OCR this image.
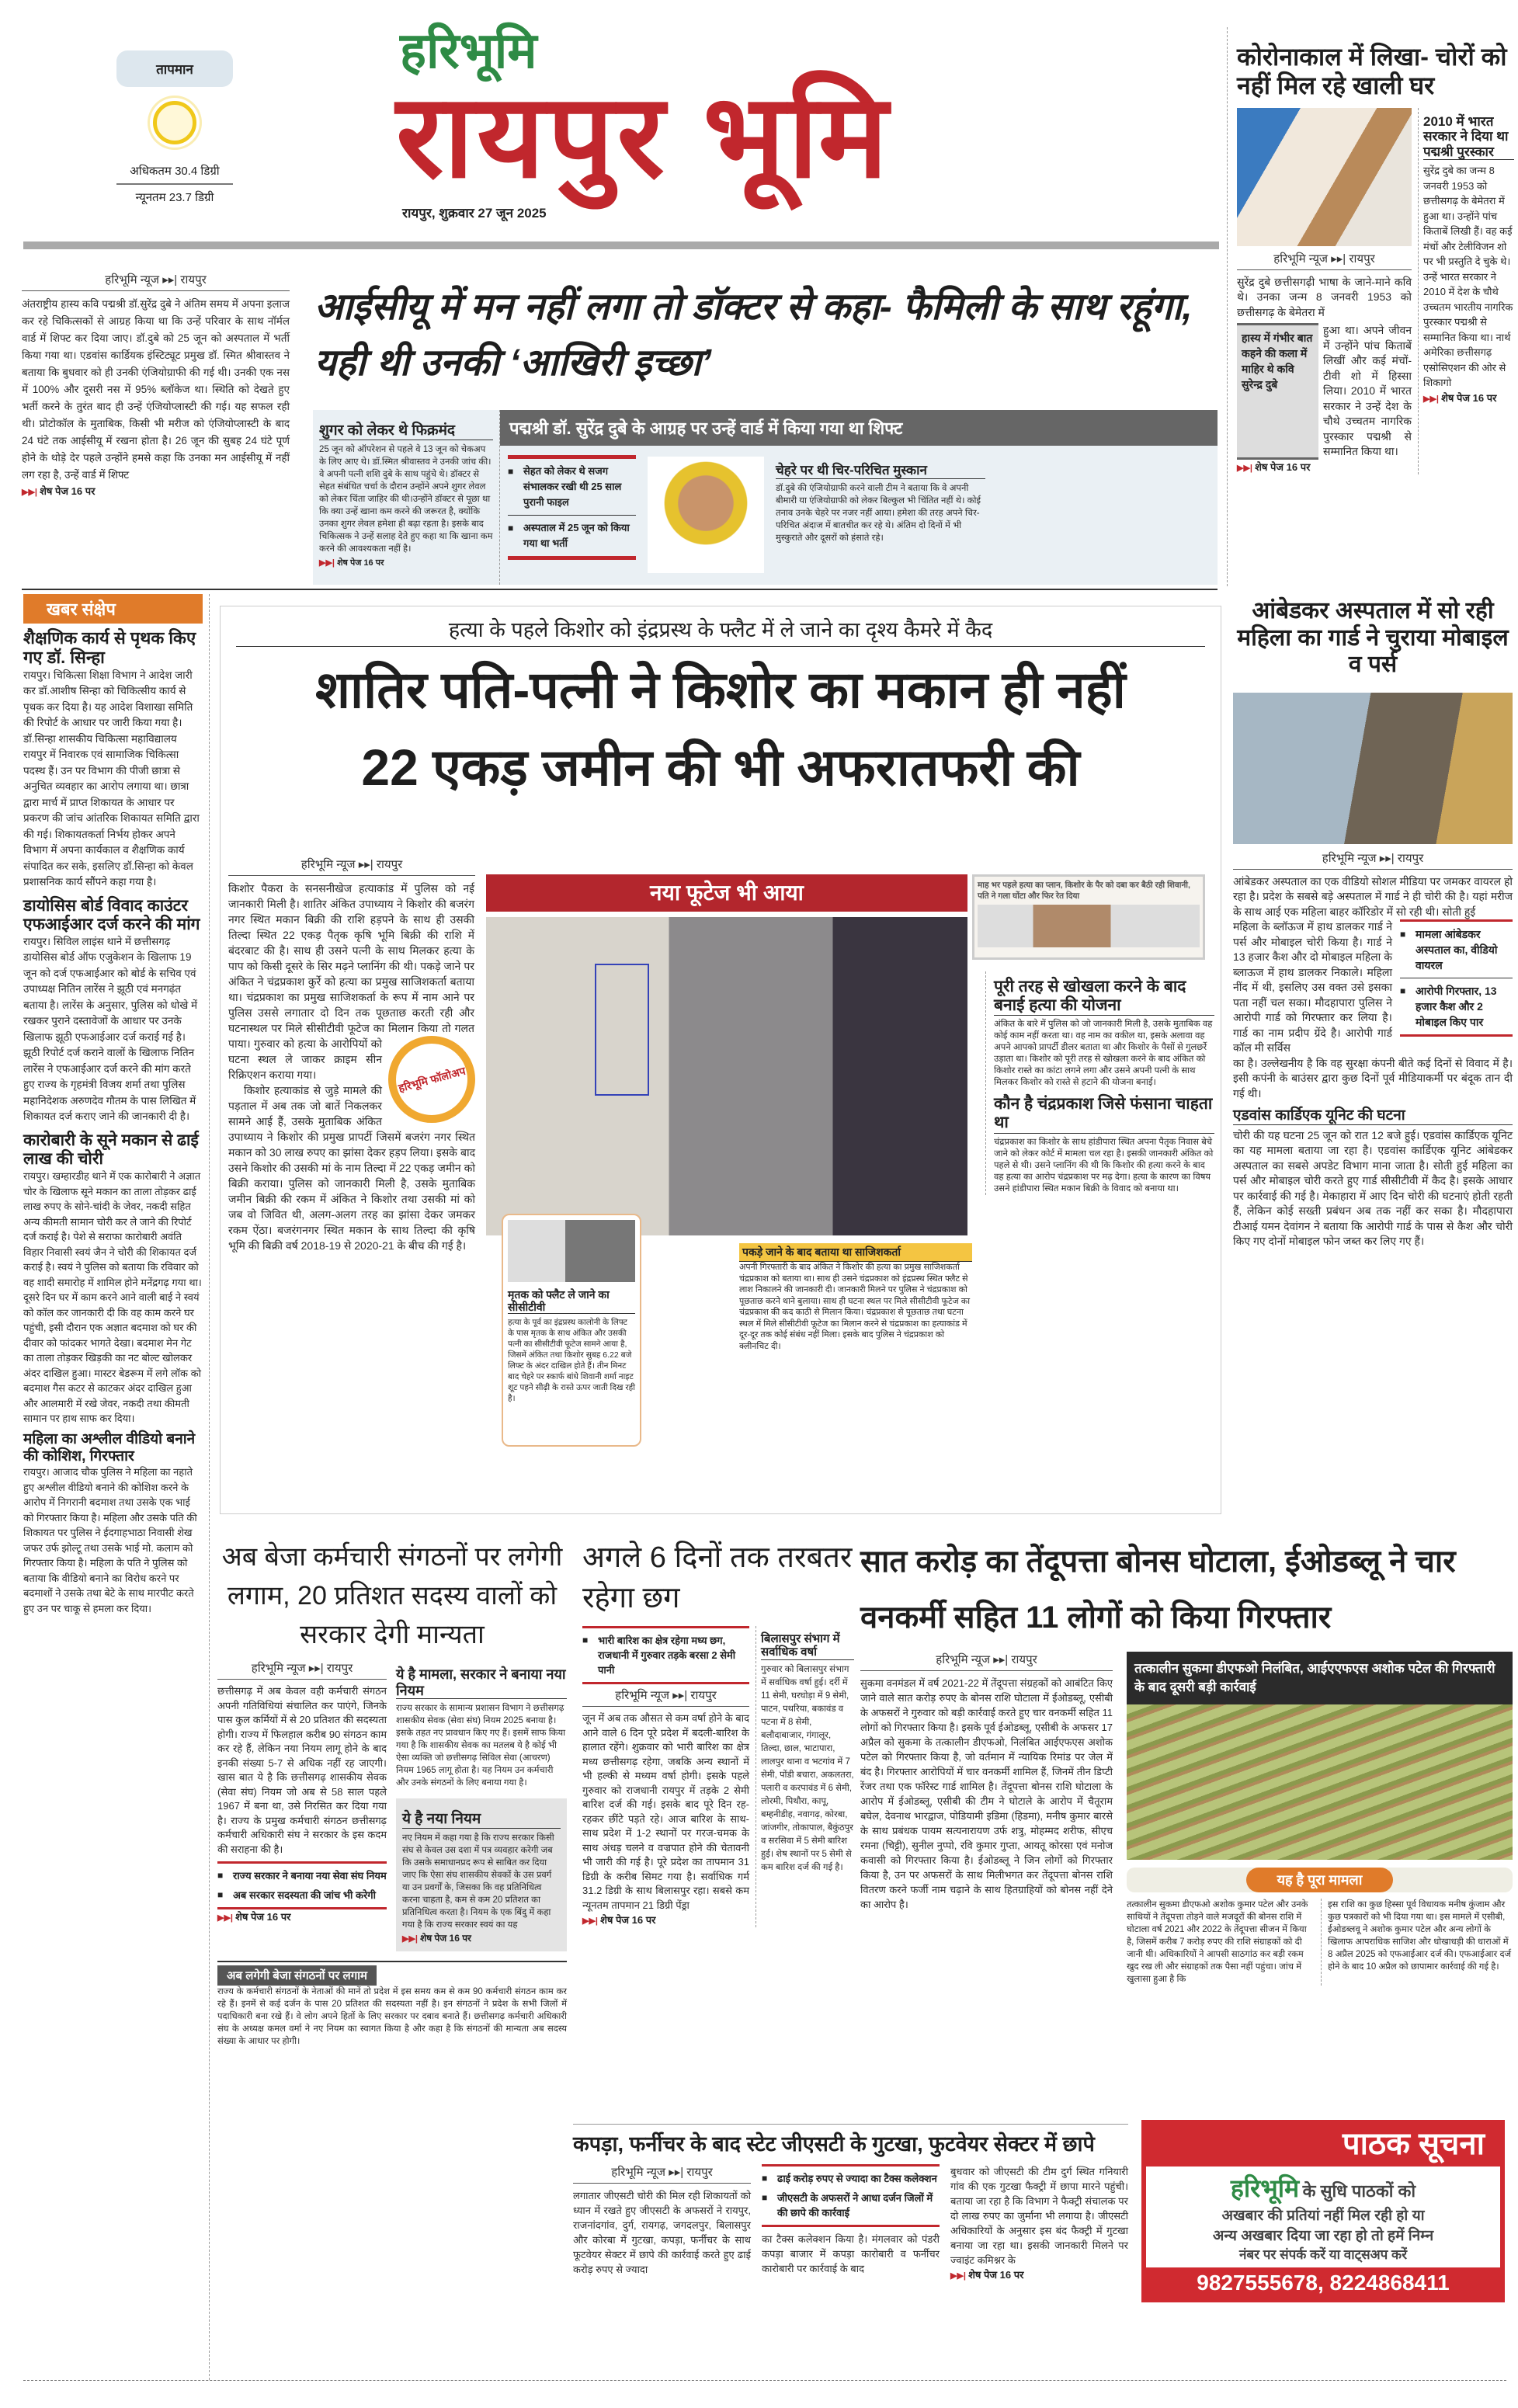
तापमान
अधिकतम 30.4 डिग्री
न्यूनतम 23.7 डिग्री
हरिभूमि
रायपुर भूमि
रायपुर, शुक्रवार 27 जून 2025
कोरोनाकाल में लिखा- चोरों को नहीं मिल रहे खाली घर
हरिभूमि न्यूज ▸▸| रायपुर
सुरेंद्र दुबे छत्तीसगढ़ी भाषा के जाने-माने कवि थे। उनका जन्म 8 जनवरी 1953 को छत्तीसगढ़ के बेमेतरा में
हास्य में गंभीर बात कहने की कला में माहिर थे कवि सुरेन्द्र दुबे
हुआ था। अपने जीवन में उन्होंने पांच किताबें लिखीं और कई मंचों-टीवी शो में हिस्सा लिया। 2010 में भारत सरकार ने उन्हें देश के चौथे उच्चतम नागरिक पुरस्कार पद्मश्री से सम्मानित किया था।
▶▶| शेष पेज 16 पर
2010 में भारत सरकार ने दिया था पद्मश्री पुरस्कार
सुरेंद्र दुबे का जन्म 8 जनवरी 1953 को छत्तीसगढ़ के बेमेतरा में हुआ था। उन्होंने पांच किताबें लिखी हैं। वह कई मंचों और टेलीविजन शो पर भी प्रस्तुति दे चुके थे। उन्हें भारत सरकार ने 2010 में देश के चौथे उच्चतम भारतीय नागरिक पुरस्कार पद्मश्री से सम्मानित किया था। नार्थ अमेरिका छत्तीसगढ़ एसोसिएशन की ओर से शिकागो
▶▶| शेष पेज 16 पर
हरिभूमि न्यूज ▸▸| रायपुर
अंतराष्ट्रीय हास्य कवि पद्मश्री डॉ.सुरेंद्र दुबे ने अंतिम समय में अपना इलाज कर रहे चिकित्सकों से आग्रह किया था कि उन्हें परिवार के साथ नॉर्मल वार्ड में शिफ्ट कर दिया जाए। डॉ.दुबे को 25 जून को अस्पताल में भर्ती किया गया था। एडवांस कार्डियक इंस्टिट्यूट प्रमुख डॉ. स्मित श्रीवास्तव ने बताया कि बुधवार को ही उनकी एंजियोग्राफी की गई थी। उनकी एक नस में 100% और दूसरी नस में 95% ब्लॉकेज था। स्थिति को देखते हुए भर्ती करने के तुरंत बाद ही उन्हें एंजियोप्लास्टी की गई। यह सफल रही थी। प्रोटोकॉल के मुताबिक, किसी भी मरीज को एंजियोप्लास्टी के बाद 24 घंटे तक आईसीयू में रखना होता है। 26 जून की सुबह 24 घंटे पूर्ण होने के थोड़े देर पहले उन्होंने हमसे कहा कि उनका मन आईसीयू में नहीं लग रहा है, उन्हें वार्ड में शिफ्ट
▶▶| शेष पेज 16 पर
आईसीयू में मन नहीं लगा तो डॉक्टर से कहा- फैमिली के साथ रहूंगा, यही थी उनकी ‘आखिरी इच्छा’
शुगर को लेकर थे फिक्रमंद
25 जून को ऑपरेशन से पहले वे 13 जून को चेकअप के लिए आए थे। डॉ.स्मित श्रीवास्तव ने उनकी जांच की। वे अपनी पत्नी शशि दुबे के साथ पहुंचे थे। डॉक्टर से सेहत संबंधित चर्चा के दौरान उन्होंने अपने शुगर लेवल को लेकर चिंता जाहिर की थी।उन्होंने डॉक्टर से पूछा था कि क्या उन्हें खाना कम करने की जरूरत है, क्योंकि उनका शुगर लेवल हमेशा ही बढ़ा रहता है। इसके बाद चिकित्सक ने उन्हें सलाह देते हुए कहा था कि खाना कम करने की आवश्यकता नहीं है।
▶▶| शेष पेज 16 पर
पद्मश्री डॉ. सुरेंद्र दुबे के आग्रह पर उन्हें वार्ड में किया गया था शिफ्ट
■ सेहत को लेकर थे सजग संभालकर रखी थी 25 साल पुरानी फाइल
■ अस्पताल में 25 जून को किया गया था भर्ती
चेहरे पर थी चिर-परिचित मुस्कान
डॉ.दुबे की एंजियोग्राफी करने वाली टीम ने बताया कि वे अपनी बीमारी या एंजियोग्राफी को लेकर बिल्कुल भी चिंतित नहीं थे। कोई तनाव उनके चेहरे पर नजर नहीं आया। हमेशा की तरह अपने चिर-परिचित अंदाज में बातचीत कर रहे थे। अंतिम दो दिनों में भी मुस्कुराते और दूसरों को हंसाते रहे।
खबर संक्षेप
शैक्षणिक कार्य से पृथक किए गए डॉ. सिन्हा
रायपुर। चिकित्सा शिक्षा विभाग ने आदेश जारी कर डॉ.आशीष सिन्हा को चिकित्सीय कार्य से पृथक कर दिया है। यह आदेश विशाखा समिति की रिपोर्ट के आधार पर जारी किया गया है। डॉ.सिन्हा शासकीय चिकित्सा महाविद्यालय रायपुर में निवारक एवं सामाजिक चिकित्सा पदस्थ हैं। उन पर विभाग की पीजी छात्रा से अनुचित व्यवहार का आरोप लगाया था। छात्रा द्वारा मार्च में प्राप्त शिकायत के आधार पर प्रकरण की जांच आंतरिक शिकायत समिति द्वारा की गई। शिकायतकर्ता निर्भय होकर अपने विभाग में अपना कार्यकाल व शैक्षणिक कार्य संपादित कर सके, इसलिए डॉ.सिन्हा को केवल प्रशासनिक कार्य सौंपने कहा गया है।
डायोसिस बोर्ड विवाद काउंटर एफआईआर दर्ज करने की मांग
रायपुर। सिविल लाइंस थाने में छत्तीसगढ़ डायोसिस बोर्ड ऑफ एजुकेशन के खिलाफ 19 जून को दर्ज एफआईआर को बोर्ड के सचिव एवं उपाध्यक्ष नितिन लारेंस ने झूठी एवं मनगढ़ंत बताया है। लारेंस के अनुसार, पुलिस को धोखे में रखकर पुराने दस्तावेजों के आधार पर उनके खिलाफ झूठी एफआईआर दर्ज कराई गई है। झूठी रिपोर्ट दर्ज कराने वालों के खिलाफ नितिन लारेंस ने एफआईआर दर्ज करने की मांग करते हुए राज्य के गृहमंत्री विजय शर्मा तथा पुलिस महानिदेशक अरुणदेव गौतम के पास लिखित में शिकायत दर्ज कराए जाने की जानकारी दी है।
कारोबारी के सूने मकान से ढाई लाख की चोरी
रायपुर। खम्हारडीह थाने में एक कारोबारी ने अज्ञात चोर के खिलाफ सूने मकान का ताला तोड़कर ढाई लाख रुपए के सोने-चांदी के जेवर, नकदी सहित अन्य कीमती सामान चोरी कर ले जाने की रिपोर्ट दर्ज कराई है। पेशे से सराफा कारोबारी अवंति विहार निवासी स्वयं जैन ने चोरी की शिकायत दर्ज कराई है। स्वयं ने पुलिस को बताया कि रविवार को वह शादी समारोह में शामिल होने मनेंद्रगढ़ गया था। दूसरे दिन घर में काम करने आने वाली बाई ने स्वयं को कॉल कर जानकारी दी कि वह काम करने घर पहुंची, इसी दौरान एक अज्ञात बदमाश को घर की दीवार को फांदकर भागते देखा। बदमाश मेन गेट का ताला तोड़कर खिड़की का नट बोल्ट खोलकर अंदर दाखिल हुआ। मास्टर बेडरूम में लगे लॉक को बदमाश गैस कटर से काटकर अंदर दाखिल हुआ और आलमारी में रखे जेवर, नकदी तथा कीमती सामान पर हाथ साफ कर दिया।
महिला का अश्लील वीडियो बनाने की कोशिश, गिरफ्तार
रायपुर। आजाद चौक पुलिस ने महिला का नहाते हुए अश्लील वीडियो बनाने की कोशिश करने के आरोप में निगरानी बदमाश तथा उसके एक भाई को गिरफ्तार किया है। महिला और उसके पति की शिकायत पर पुलिस ने ईदगाहभाठा निवासी शेख जफर उर्फ झोल्टू तथा उसके भाई मो. कलाम को गिरफ्तार किया है। महिला के पति ने पुलिस को बताया कि वीडियो बनाने का विरोध करने पर बदमाशों ने उसके तथा बेटे के साथ मारपीट करते हुए उन पर चाकू से हमला कर दिया।
हत्या के पहले किशोर को इंद्रप्रस्थ के फ्लैट में ले जाने का दृश्य कैमरे में कैद
शातिर पति-पत्नी ने किशोर का मकान ही नहीं
22 एकड़ जमीन की भी अफरातफरी की
हरिभूमि न्यूज ▸▸| रायपुर
हरिभूमि फॉलोअप
किशोर पैकरा के सनसनीखेज हत्याकांड में पुलिस को नई जानकारी मिली है। शातिर अंकित उपाध्याय ने किशोर की बजरंग नगर स्थित मकान बिक्री की राशि हड़पने के साथ ही उसकी तिल्दा स्थित 22 एकड़ पैतृक कृषि भूमि बिक्री की राशि में बंदरबाट की है। साथ ही उसने पत्नी के साथ मिलकर हत्या के पाप को किसी दूसरे के सिर मढ़ने प्लानिंग की थी। पकड़े जाने पर अंकित ने चंद्रप्रकाश कुर्रे को हत्या का प्रमुख साजिशकर्ता बताया था। चंद्रप्रकाश का प्रमुख साजिशकर्ता के रूप में नाम आने पर पुलिस उससे लगातार दो दिन तक पूछताछ करती रही और घटनास्थल पर मिले सीसीटीवी फूटेज का मिलान किया तो गलत पाया। गुरुवार को हत्या के आरोपियों को घटना स्थल ले जाकर क्राइम सीन रिक्रिएशन कराया गया।
किशोर हत्याकांड से जुड़े मामले की पड़ताल में अब तक जो बातें निकलकर सामने आई हैं, उसके मुताबिक अंकित उपाध्याय ने किशोर की प्रमुख प्रापर्टी जिसमें बजरंग नगर स्थित मकान को 30 लाख रुपए का झांसा देकर हड़प लिया। इसके बाद उसने किशोर की उसकी मां के नाम तिल्दा में 22 एकड़ जमीन को बिक्री कराया। पुलिस को जानकारी मिली है, उसके मुताबिक जमीन बिक्री की रकम में अंकित ने किशोर तथा उसकी मां को जब वो जिवित थी, अलग-अलग तरह का झांसा देकर जमकर रकम ऐंठा। बजरंगनगर स्थित मकान के साथ तिल्दा की कृषि भूमि की बिक्री वर्ष 2018-19 से 2020-21 के बीच की गई है।
नया फूटेज भी आया
मृतक को फ्लैट ले जाने का सीसीटीवी
हत्या के पूर्व का इंद्रप्रस्थ कालोनी के लिफ्ट के पास मृतक के साथ अंकित और उसकी पत्नी का सीसीटीवी फूटेज सामने आया है, जिसमें अंकित तथा किशोर सुबह 6.22 बजे लिफ्ट के अंदर दाखिल होते हैं। तीन मिनट बाद चेहरे पर स्कार्फ बांधे शिवानी शर्मा नाइट शूट पहने सीढ़ी के रास्ते ऊपर जाती दिख रही है।
पकड़े जाने के बाद बताया था साजिशकर्ता
अपनी गिरफ्तारी के बाद अंकित ने किशोर की हत्या का प्रमुख साजिशकर्ता चंद्रप्रकाश को बताया था। साथ ही उसने चंद्रप्रकाश को इंद्रप्रस्थ स्थित फ्लैट से लाश निकालने की जानकारी दी। जानकारी मिलने पर पुलिस ने चंद्रप्रकाश को पूछताछ करने थाने बुलाया। साथ ही घटना स्थल पर मिले सीसीटीवी फूटेज का चंद्रप्रकाश की कद काठी से मिलान किया। चंद्रप्रकाश से पूछताछ तथा घटना स्थल में मिले सीसीटीवी फूटेज का मिलान करने से चंद्रप्रकाश का हत्याकांड में दूर-दूर तक कोई संबंध नहीं मिला। इसके बाद पुलिस ने चंद्रप्रकाश को क्लीनचिट दी।
माह भर पहले हत्या का प्लान, किशोर के पैर को दबा कर बैठी रही शिवानी, पति ने गला घोंटा और फिर रेत दिया
पूरी तरह से खोखला करने के बाद बनाई हत्या की योजना
अंकित के बारे में पुलिस को जो जानकारी मिली है, उसके मुताबिक वह कोई काम नहीं करता था। वह नाम का वकील था, इसके अलावा वह अपने आपको प्रापर्टी डीलर बताता था और किशोर के पैसों से गुलछर्रे उड़ाता था। किशोर को पूरी तरह से खोखला करने के बाद अंकित को किशोर रास्ते का कांटा लगने लगा और उसने अपनी पत्नी के साथ मिलकर किशोर को रास्ते से हटाने की योजना बनाई।
कौन है चंद्रप्रकाश जिसे फंसाना चाहता था
चंद्रप्रकाश का किशोर के साथ हांडीपारा स्थित अपना पैतृक निवास बेचे जाने को लेकर कोर्ट में मामला चल रहा है। इसकी जानकारी अंकित को पहले से थी। उसने प्लानिंग की थी कि किशोर की हत्या करने के बाद वह हत्या का आरोप चंद्रप्रकाश पर मढ़ देगा। हत्या के कारण का विषय उसने हांडीपारा स्थित मकान बिक्री के विवाद को बनाया था।
आंबेडकर अस्पताल में सो रही महिला का गार्ड ने चुराया मोबाइल व पर्स
हरिभूमि न्यूज ▸▸| रायपुर
आंबेडकर अस्पताल का एक वीडियो सोशल मीडिया पर जमकर वायरल हो रहा है। प्रदेश के सबसे बड़े अस्पताल में गार्ड ने ही चोरी की है। यहां मरीज के साथ आई एक महिला बाहर कॉरिडोर में सो रही थी। सोती हुई
महिला के ब्लॉऊज में हाथ डालकर गार्ड ने पर्स और मोबाइल चोरी किया है। गार्ड ने 13 हजार कैश और दो मोबाइल महिला के ब्लाऊज में हाथ डालकर निकाले। महिला नींद में थी, इसलिए उस वक्त उसे इसका पता नहीं चल सका। मौदहापारा पुलिस ने आरोपी गार्ड को गिरफ्तार कर लिया है। गार्ड का नाम प्रदीप ग्रेंदे है। आरोपी गार्ड कॉल मी सर्विस
■ मामला आंबेडकर अस्पताल का, वीडियो वायरल
■ आरोपी गिरफ्तार, 13 हजार कैश और 2 मोबाइल किए पार
का है। उल्लेखनीय है कि वह सुरक्षा कंपनी बीते कई दिनों से विवाद में है। इसी कपंनी के बाउंसर द्वारा कुछ दिनों पूर्व मीडियाकर्मी पर बंदूक तान दी गई थी।
एडवांस कार्डिएक यूनिट की घटना
चोरी की यह घटना 25 जून को रात 12 बजे हुई। एडवांस कार्डिएक यूनिट का यह मामला बताया जा रहा है। एडवांस कार्डिएक यूनिट आंबेडकर अस्पताल का सबसे अपडेट विभाग माना जाता है। सोती हुई महिला का पर्स और मोबाइल चोरी करते हुए गार्ड सीसीटीवी में कैद है। इसके आधार पर कार्रवाई की गई है। मेकाहारा में आए दिन चोरी की घटनाएं होती रहती हैं, लेकिन कोई सख्ती प्रबंधन अब तक नहीं कर सका है। मौदहापारा टीआई यमन देवांगन ने बताया कि आरोपी गार्ड के पास से कैश और चोरी किए गए दोनों मोबाइल फोन जब्त कर लिए गए हैं।
अब बेजा कर्मचारी संगठनों पर लगेगी लगाम, 20 प्रतिशत सदस्य वालों को सरकार देगी मान्यता
हरिभूमि न्यूज ▸▸| रायपुर
छत्तीसगढ़ में अब केवल वही कर्मचारी संगठन अपनी गतिविधियां संचालित कर पाएंगे, जिनके पास कुल कर्मियों में से 20 प्रतिशत की सदस्यता होगी। राज्य में फिलहाल करीब 90 संगठन काम कर रहे हैं, लेकिन नया नियम लागू होने के बाद इनकी संख्या 5-7 से अधिक नहीं रह जाएगी। खास बात ये है कि छत्तीसगढ़ शासकीय सेवक (सेवा संघ) नियम जो अब से 58 साल पहले 1967 में बना था, उसे निरसित कर दिया गया है। राज्य के प्रमुख कर्मचारी संगठन छत्तीसगढ़ कर्मचारी अधिकारी संघ ने सरकार के इस कदम की सराहना की है।
■ राज्य सरकार ने बनाया नया सेवा संघ नियम
■ अब सरकार सदस्यता की जांच भी करेगी
▶▶| शेष पेज 16 पर
ये है मामला, सरकार ने बनाया नया नियम
राज्य सरकार के सामान्य प्रशासन विभाग ने छत्तीसगढ़ शासकीय सेवक (सेवा संघ) नियम 2025 बनाया है। इसके तहत नए प्रावधान किए गए हैं। इसमें साफ किया गया है कि शासकीय सेवक का मतलब ये है कोई भी ऐसा व्यक्ति जो छत्तीसगढ़ सिविल सेवा (आचरण) नियम 1965 लागू होता है। यह नियम उन कर्मचारी और उनके संगठनों के लिए बनाया गया है।
ये है नया नियम
नए नियम में कहा गया है कि राज्य सरकार किसी संघ से केवल उस दशा में पत्र व्यवहार करेगी जब कि उसके समाधानप्रद रूप से साबित कर दिया जाए कि ऐसा संघ शासकीय सेवकों के उस प्रवर्ग या उन प्रवर्गों के, जिसका कि वह प्रतिनिधित्व करना चाहता है, कम से कम 20 प्रतिशत का प्रतिनिधित्व करता है। नियम के एक बिंदु में कहा गया है कि राज्य सरकार स्वयं का यह
▶▶| शेष पेज 16 पर
अब लगेगी बेजा संगठनों पर लगाम
राज्य के कर्मचारी संगठनों के नेताओं की मानें तो प्रदेश में इस समय कम से कम 90 कर्मचारी संगठन काम कर रहे हैं। इनमें से कई दर्जन के पास 20 प्रतिशत की सदस्यता नहीं है। इन संगठनों ने प्रदेश के सभी जिलों में पदाधिकारी बना रखे हैं। वे लोग अपने हितों के लिए सरकार पर दबाव बनाते हैं। छत्तीसगढ़ कर्मचारी अधिकारी संघ के अध्यक्ष कमल वर्मा ने नए नियम का स्वागत किया है और कहा है कि संगठनों की मान्यता अब सदस्य संख्या के आधार पर होगी।
अगले 6 दिनों तक तरबतर रहेगा छग
■ भारी बारिश का क्षेत्र रहेगा मध्य छग, राजधानी में गुरुवार तड़के बरसा 2 सेमी पानी
हरिभूमि न्यूज ▸▸| रायपुर
जून में अब तक औसत से कम वर्षा होने के बाद आने वाले 6 दिन पूरे प्रदेश में बदली-बारिश के हालात रहेंगे। शुक्रवार को भारी बारिश का क्षेत्र मध्य छत्तीसगढ़ रहेगा, जबकि अन्य स्थानों में भी हल्की से मध्यम वर्षा होगी। इसके पहले गुरुवार को राजधानी रायपुर में तड़के 2 सेमी बारिश दर्ज की गई। इसके बाद पूरे दिन रह-रहकर छींटे पड़ते रहे। आज बारिश के साथ-साथ प्रदेश में 1-2 स्थानों पर गरज-चमक के साथ अंधड़ चलने व वज्रपात होने की चेतावनी भी जारी की गई है। पूरे प्रदेश का तापमान 31 डिग्री के करीब सिमट गया है। सर्वाधिक गर्म 31.2 डिग्री के साथ बिलासपुर रहा। सबसे कम न्यूनतम तापमान 21 डिग्री पेंड्रा
▶▶| शेष पेज 16 पर
बिलासपुर संभाग में सर्वाधिक वर्षा
गुरुवार को बिलासपुर संभाग में सर्वाधिक वर्षा हुई। दर्री में 11 सेमी, घरघोड़ा में 9 सेमी, पाटन, पथरिया, बकावंड व पटना में 8 सेमी, बलौदाबाजार, गंगालूर, तिल्दा, छाल, भाटापारा, लालपुर थाना व भटगांव में 7 सेमी, पोंडी बचारा, अकलतरा, पलारी व करपावंड में 6 सेमी, लोरमी, पिथौरा, कापू, बम्हनीडीह, नवागढ़, कोरबा, जांजगीर, तोकापाल, बैकुंठपुर व सरसिवा में 5 सेमी बारिश हुई। शेष स्थानों पर 5 सेमी से कम बारिश दर्ज की गई है।
सात करोड़ का तेंदूपत्ता बोनस घोटाला, ईओडब्लू ने चार वनकर्मी सहित 11 लोगों को किया गिरफ्तार
हरिभूमि न्यूज ▸▸| रायपुर
सुकमा वनमंडल में वर्ष 2021-22 में तेंदूपत्ता संग्रहकों को आबंटित किए जाने वाले सात करोड़ रुपए के बोनस राशि घोटाला में ईओडब्लू, एसीबी के अफसरों ने गुरुवार को बड़ी कार्रवाई करते हुए चार वनकर्मी सहित 11 लोगों को गिरफ्तार किया है। इसके पूर्व ईओडब्लू, एसीबी के अफसर 17 अप्रैल को सुकमा के तत्कालीन डीएफओ, निलंबित आईएफएस अशोक पटेल को गिरफ्तार किया है, जो वर्तमान में न्यायिक रिमांड पर जेल में बंद है। गिरफ्तार आरोपियों में चार वनकर्मी शामिल हैं, जिनमें तीन डिप्टी रेंजर तथा एक फॉरेस्ट गार्ड शामिल है। तेंदूपत्ता बोनस राशि घोटाला के आरोप में ईओडब्लू, एसीबी की टीम ने घोटाले के आरोप में चैतूराम बघेल, देवनाथ भारद्वाज, पोडियामी इडिमा (हिडमा), मनीष कुमार बारसे के साथ प्रबंधक पायम सत्यनारायण उर्फ शत्रु, मोहम्मद शरीफ, सीएच रमना (चिट्टी), सुनील नुप्पो, रवि कुमार गुप्ता, आयतू कोरसा एवं मनोज कवासी को गिरफ्तार किया है। ईओडब्लू ने जिन लोगों को गिरफ्तार किया है, उन पर अफसरों के साथ मिलीभगत कर तेंदूपत्ता बोनस राशि वितरण करने फर्जी नाम चढ़ाने के साथ हितग्राहियों को बोनस नहीं देने का आरोप है।
तत्कालीन सुकमा डीएफओ निलंबित, आईएएफएस अशोक पटेल की गिरफ्तारी के बाद दूसरी बड़ी कार्रवाई
यह है पूरा मामला
तत्कालीन सुकमा डीएफओ अशोक कुमार पटेल और उनके साथियों ने तेंदूपत्ता तोड़ने वाले मजदूरों की बोनस राशि में घोटाला वर्ष 2021 और 2022 के तेंदूपत्ता सीजन में किया है, जिसमें करीब 7 करोड़ रुपए की राशि संग्राहकों को दी जानी थी। अधिकारियों ने आपसी साठगांठ कर बड़ी रकम खुद रख ली और संग्राहकों तक पैसा नहीं पहुंचा। जांच में खुलासा हुआ है कि
इस राशि का कुछ हिस्सा पूर्व विधायक मनीष कुंजाम और कुछ पत्रकारों को भी दिया गया था। इस मामले में एसीबी, ईओडब्लवू ने अशोक कुमार पटेल और अन्य लोगों के खिलाफ आपराधिक साजिश और धोखाधड़ी की धाराओं में 8 अप्रैल 2025 को एफआईआर दर्ज की। एफआईआर दर्ज होने के बाद 10 अप्रैल को छापामार कार्रवाई की गई है।
कपड़ा, फर्नीचर के बाद स्टेट जीएसटी के गुटखा, फुटवेयर सेक्टर में छापे
हरिभूमि न्यूज ▸▸| रायपुर
लगातार जीएसटी चोरी की मिल रही शिकायतों को ध्यान में रखते हुए जीएसटी के अफसरों ने रायपुर, राजनांदगांव, दुर्ग, रायगढ़, जगदलपुर, बिलासपुर और कोरबा में गुटखा, कपड़ा, फर्नीचर के साथ फूटवेयर सेक्टर में छापे की कार्रवाई करते हुए ढाई करोड़ रुपए से ज्यादा
■ ढाई करोड़ रुपए से ज्यादा का टैक्स कलेक्शन
■ जीएसटी के अफसरों ने आधा दर्जन जिलों में की छापे की कार्रवाई
का टैक्स कलेक्शन किया है। मंगलवार को पंडरी कपड़ा बाजार में कपड़ा कारोबारी व फर्नीचर कारोबारी पर कार्रवाई के बाद
बुधवार को जीएसटी की टीम दुर्ग स्थित गनियारी गांव की एक गुटखा फैक्ट्री में छापा मारने पहुंची। बताया जा रहा है कि विभाग ने फैक्ट्री संचालक पर दो लाख रुपए का जुर्माना भी लगाया है। जीएसटी अधिकारियों के अनुसार इस बंद फैक्ट्री में गुटखा बनाया जा रहा था। इसकी जानकारी मिलने पर ज्वाइंट कमिश्नर के
▶▶| शेष पेज 16 पर
पाठक सूचना
हरिभूमि के सुधि पाठकों को
अखबार की प्रतियां नहीं मिल रही हो या
अन्य अखबार दिया जा रहा हो तो हमें निम्न
नंबर पर संपर्क करें या वाट्सअप करें
9827555678, 8224868411
